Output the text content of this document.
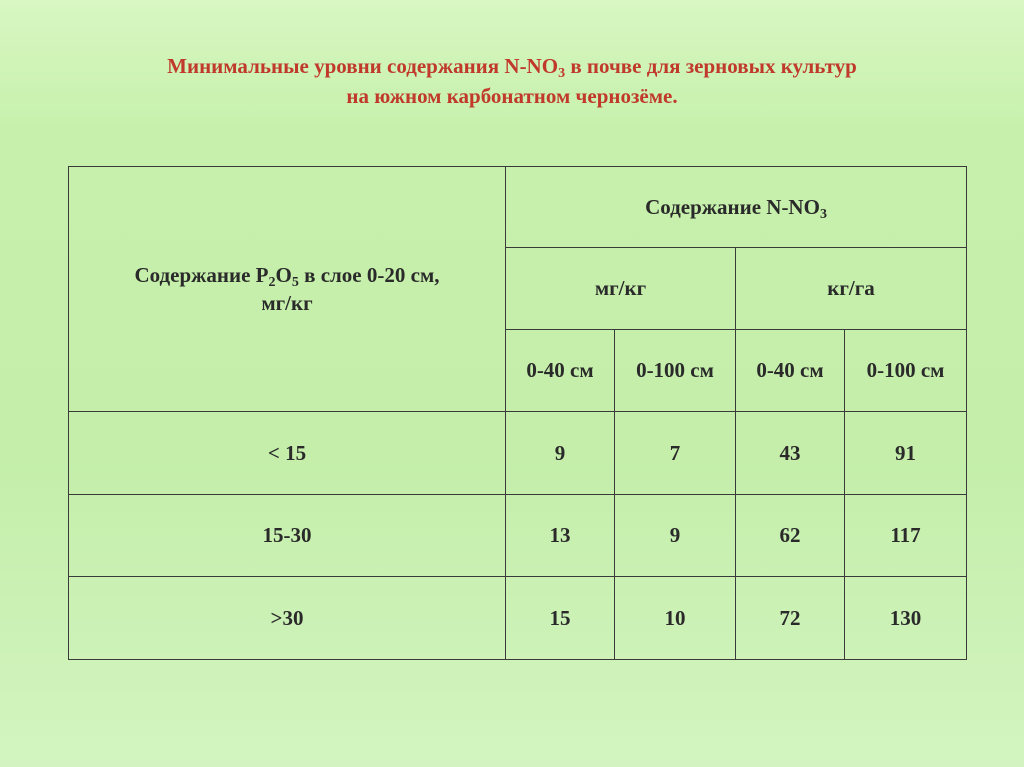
Минимальные уровни содержания $N-NO_3$ в почве для зерновых культур
на южном карбонатном чернозёме.
Содержание $P_2O_5$ в слое 0-20 см,
мг/кг	Содержание $N-NO_3$
	мг/кг		кг/га	
	0-40 см	0-100 см	0-40 см	0-100 см
< 15	9	7	43	91
15-30	13	9	62	117
>30	15	10	72	130
